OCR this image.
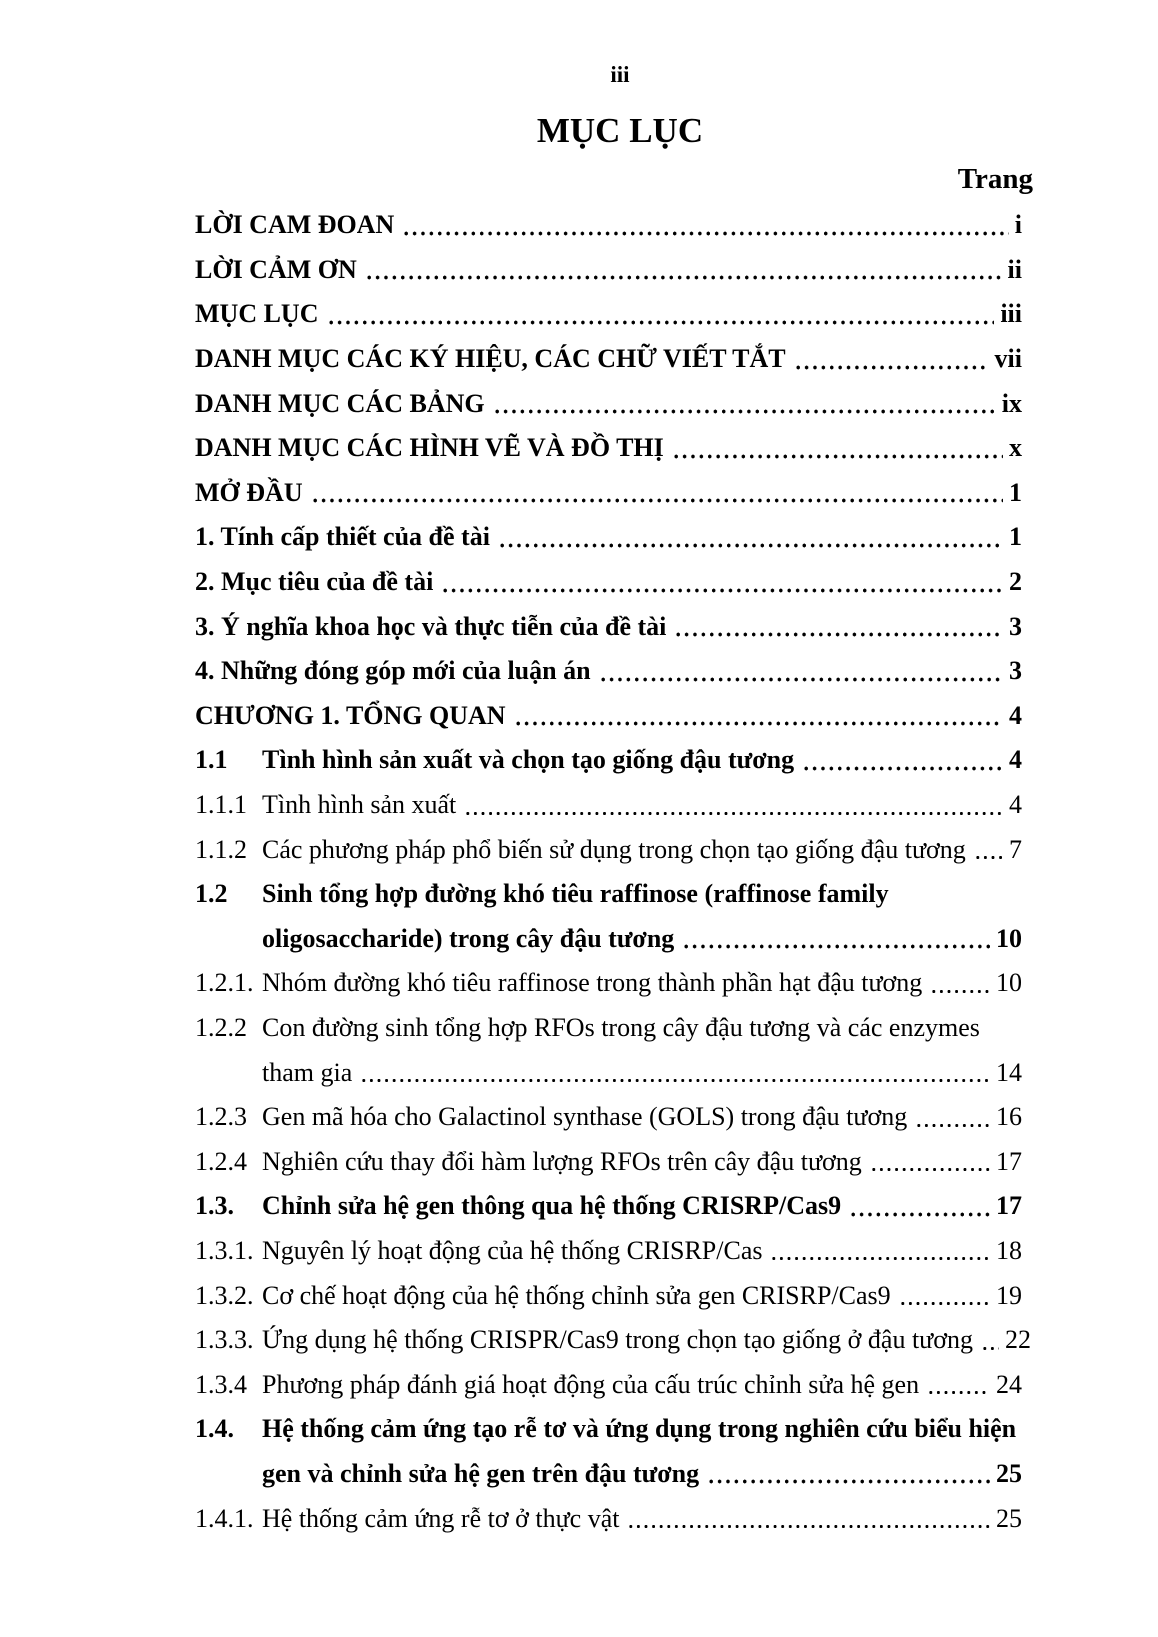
iii
MỤC LỤC
Trang
LỜI CAM ĐOAN	i
LỜI CẢM ƠN	ii
MỤC LỤC	iii
DANH MỤC CÁC KÝ HIỆU, CÁC CHỮ VIẾT TẮT	vii
DANH MỤC CÁC BẢNG	ix
DANH MỤC CÁC HÌNH VẼ VÀ ĐỒ THỊ	x
MỞ ĐẦU	1
1. Tính cấp thiết của đề tài	1
2. Mục tiêu của đề tài	2
3. Ý nghĩa khoa học và thực tiễn của đề tài	3
4. Những đóng góp mới của luận án	3
CHƯƠNG 1. TỔNG QUAN	4
1.1	Tình hình sản xuất và chọn tạo giống đậu tương	4
1.1.1 Tình hình sản xuất	4
1.1.2 Các phương pháp phổ biến sử dụng trong chọn tạo giống đậu tương 7
1.2	Sinh tổng hợp đường khó tiêu raffinose (raffinose family
oligosaccharide) trong cây đậu tương	10
1.2.1. Nhóm đường khó tiêu raffinose trong thành phần hạt đậu tương	10
1.2.2 Con đường sinh tổng hợp RFOs trong cây đậu tương và các enzymes
tham gia	14
1.2.3 Gen mã hóa cho Galactinol synthase (GOLS) trong đậu tương	16
1.2.4 Nghiên cứu thay đổi hàm lượng RFOs trên cây đậu tương	17
1.3.	Chỉnh sửa hệ gen thông qua hệ thống CRISRP/Cas9	17
1.3.1. Nguyên lý hoạt động của hệ thống CRISRP/Cas	18
1.3.2. Cơ chế hoạt động của hệ thống chỉnh sửa gen CRISRP/Cas9	19
1.3.3. Ứng dụng hệ thống CRISPR/Cas9 trong chọn tạo giống ở đậu tương 22
1.3.4 Phương pháp đánh giá hoạt động của cấu trúc chỉnh sửa hệ gen	24
1.4.	Hệ thống cảm ứng tạo rễ tơ và ứng dụng trong nghiên cứu biểu hiện
gen và chỉnh sửa hệ gen trên đậu tương	25
1.4.1. Hệ thống cảm ứng rễ tơ ở thực vật	25
